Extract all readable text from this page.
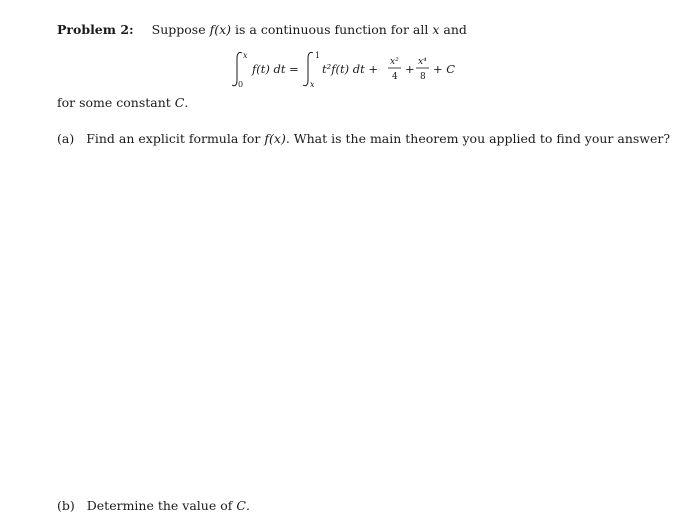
Problem 2: Suppose f(x) is a continuous function for all x and
x
0
f(t) dt =
1
x
t²f(t) dt + x²
4
+ x⁴
8
+ C
for some constant C.
(a) Find an explicit formula for f(x). What is the main theorem you applied to find your answer?
(b) Determine the value of C.
